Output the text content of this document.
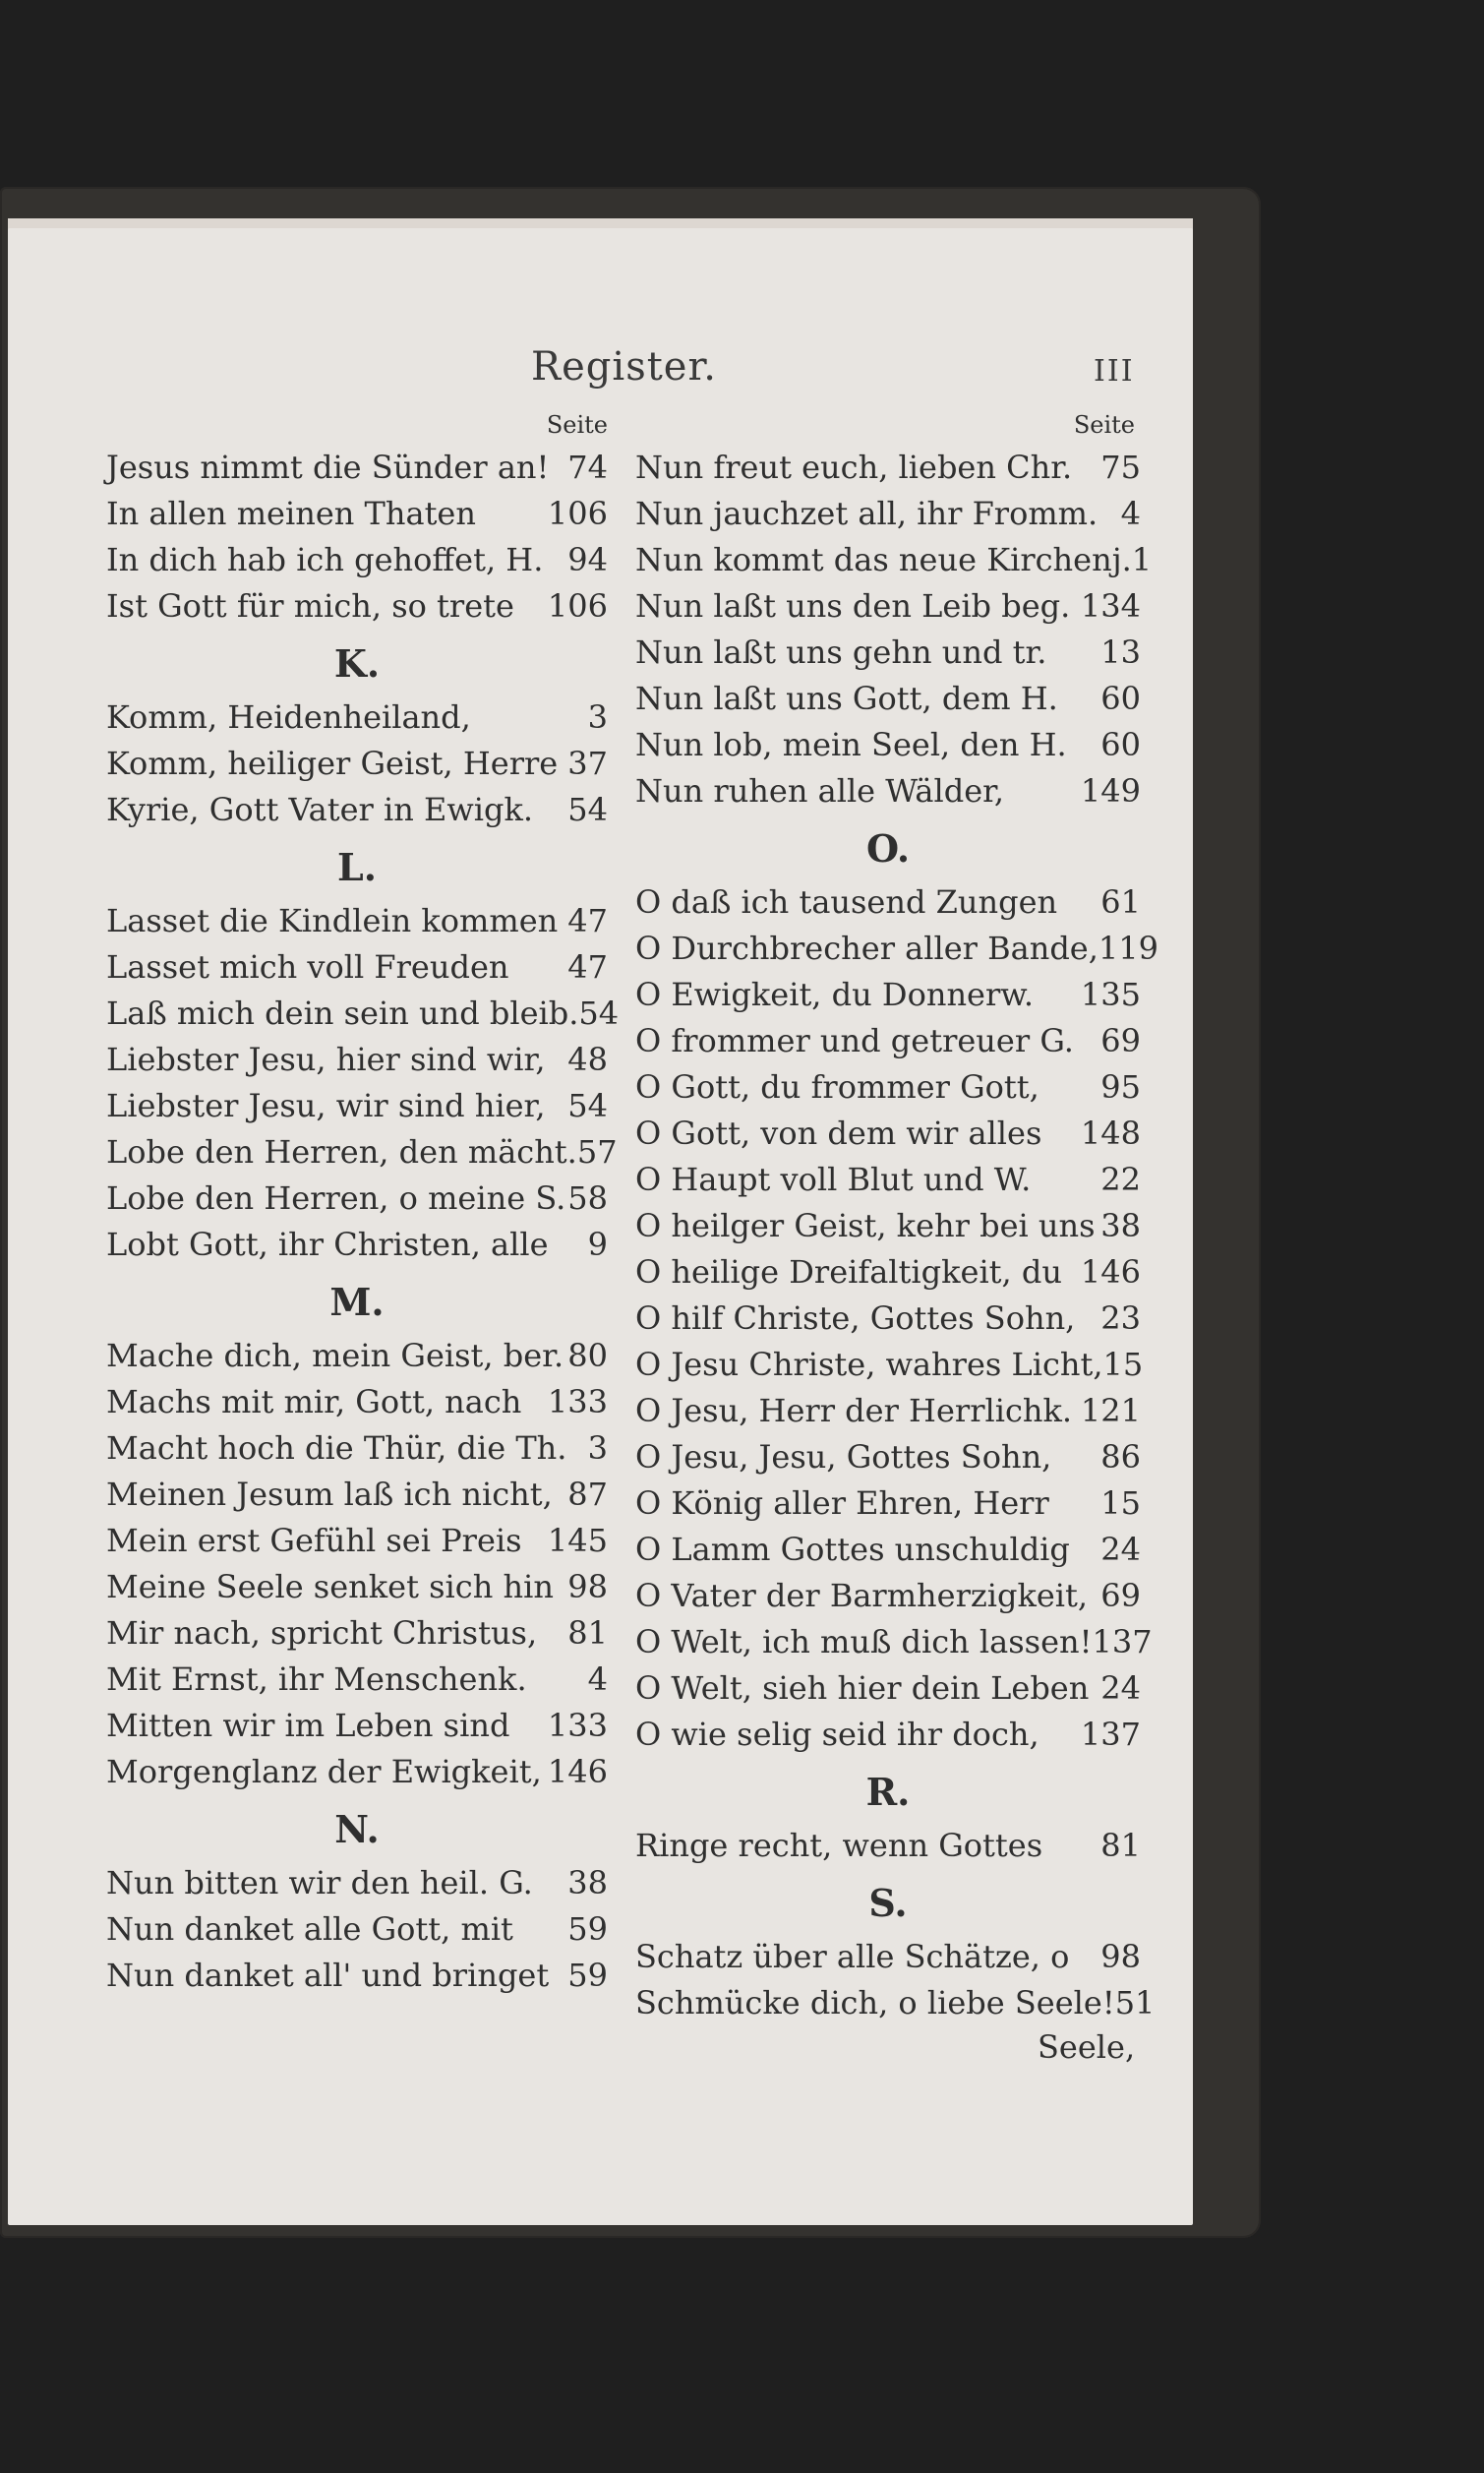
Register.	III
Seite
Jesus nimmt die Sünder an! 74
In allen meinen Thaten 106
In dich hab ich gehoffet, H. 94
Ist Gott für mich, so trete 106
K.
Komm, Heidenheiland,	3
Komm, heiliger Geist, Herre 37
Kyrie, Gott Vater in Ewigk. 54
L.
Lasset die Kindlein kommen 47
Lasset mich voll Freuden 47
Laß mich dein sein und bleib. 54
Liebster Jesu, hier sind wir, 48
Liebster Jesu, wir sind hier, 54
Lobe den Herren, den mächt. 57
Lobe den Herren, o meine S. 58
Lobt Gott, ihr Christen, alle 9
M.
Mache dich, mein Geist, ber. 80
Machs mit mir, Gott, nach 133
Macht hoch die Thür, die Th. 3
Meinen Jesum laß ich nicht, 87
Mein erst Gefühl sei Preis 145
Meine Seele senket sich hin 98
Mir nach, spricht Christus, 81
Mit Ernst, ihr Menschenk. 4
Mitten wir im Leben sind 133
Morgenglanz der Ewigkeit, 146
N.
Nun bitten wir den heil. G. 38
Nun danket alle Gott, mit 59
Nun danket all' und bringet 59
Seite
Nun freut euch, lieben Chr. 75
Nun jauchzet all, ihr Fromm. 4
Nun kommt das neue Kirchenj. 1
Nun laßt uns den Leib beg. 134
Nun laßt uns gehn und tr. 13
Nun laßt uns Gott, dem H. 60
Nun lob, mein Seel, den H. 60
Nun ruhen alle Wälder, 149
O.
O daß ich tausend Zungen 61
O Durchbrecher aller Bande, 119
O Ewigkeit, du Donnerw. 135
O frommer und getreuer G. 69
O Gott, du frommer Gott, 95
O Gott, von dem wir alles 148
O Haupt voll Blut und W. 22
O heilger Geist, kehr bei uns 38
O heilige Dreifaltigkeit, du 146
O hilf Christe, Gottes Sohn, 23
O Jesu Christe, wahres Licht, 15
O Jesu, Herr der Herrlichk. 121
O Jesu, Jesu, Gottes Sohn, 86
O König aller Ehren, Herr 15
O Lamm Gottes unschuldig 24
O Vater der Barmherzigkeit, 69
O Welt, ich muß dich lassen! 137
O Welt, sieh hier dein Leben 24
O wie selig seid ihr doch, 137
R.
Ringe recht, wenn Gottes 81
S.
Schatz über alle Schätze, o 98
Schmücke dich, o liebe Seele! 51
Seele,
